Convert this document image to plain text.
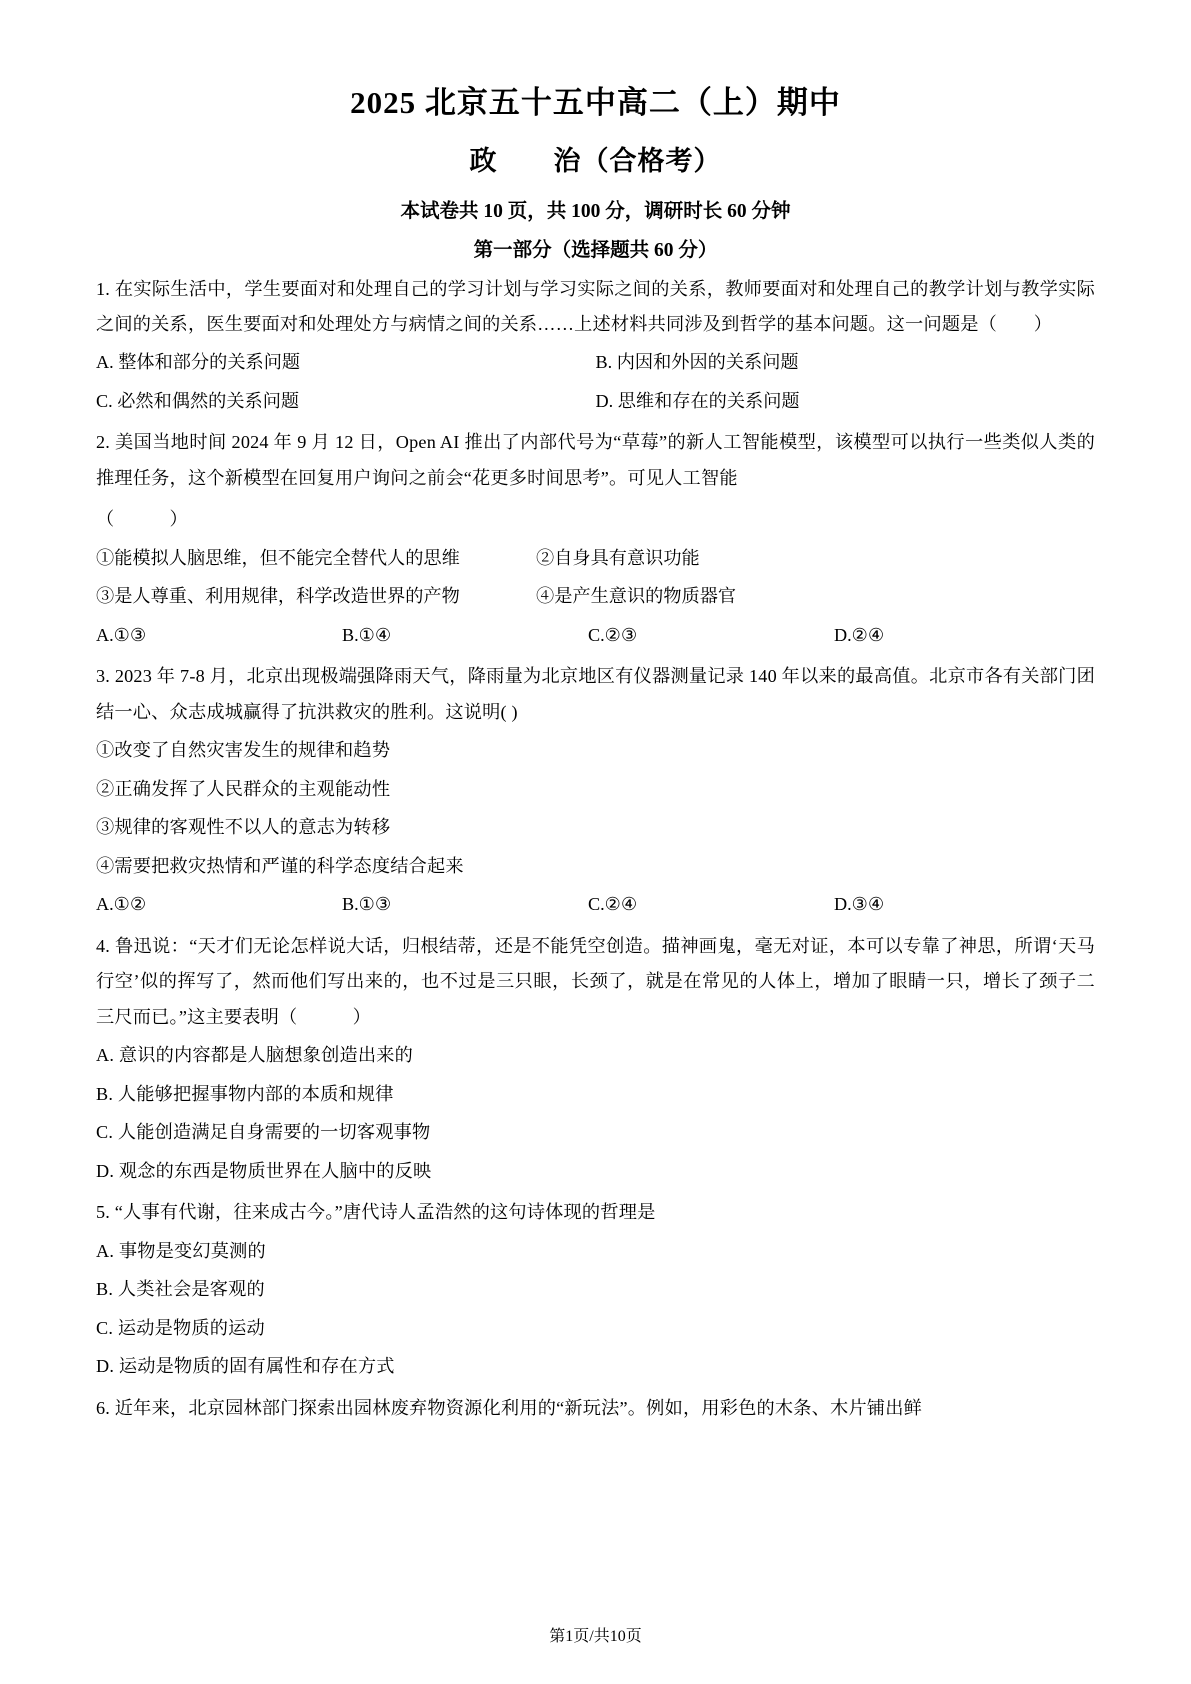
2025 北京五十五中高二（上）期中
政　　治（合格考）
本试卷共 10 页，共 100 分，调研时长 60 分钟
第一部分（选择题共 60 分）
1. 在实际生活中，学生要面对和处理自己的学习计划与学习实际之间的关系，教师要面对和处理自己的教学计划与教学实际之间的关系，医生要面对和处理处方与病情之间的关系……上述材料共同涉及到哲学的基本问题。这一问题是（　　）
A. 整体和部分的关系问题	B. 内因和外因的关系问题
C. 必然和偶然的关系问题	D. 思维和存在的关系问题
2. 美国当地时间 2024 年 9 月 12 日，Open AI 推出了内部代号为“草莓”的新人工智能模型，该模型可以执行一些类似人类的推理任务，这个新模型在回复用户询问之前会“花更多时间思考”。可见人工智能
（　　　）
①能模拟人脑思维，但不能完全替代人的思维	②自身具有意识功能
③是人尊重、利用规律，科学改造世界的产物	④是产生意识的物质器官
A.①③	B.①④	C.②③	D.②④
3. 2023 年 7-8 月，北京出现极端强降雨天气，降雨量为北京地区有仪器测量记录 140 年以来的最高值。北京市各有关部门团结一心、众志成城赢得了抗洪救灾的胜利。这说明( )
①改变了自然灾害发生的规律和趋势
②正确发挥了人民群众的主观能动性
③规律的客观性不以人的意志为转移
④需要把救灾热情和严谨的科学态度结合起来
A.①②	B.①③	C.②④	D.③④
4. 鲁迅说：“天才们无论怎样说大话，归根结蒂，还是不能凭空创造。描神画鬼，毫无对证，本可以专靠了神思，所谓‘天马行空’似的挥写了，然而他们写出来的，也不过是三只眼，长颈了，就是在常见的人体上，增加了眼睛一只，增长了颈子二三尺而已。”这主要表明（　　　）
A. 意识的内容都是人脑想象创造出来的
B. 人能够把握事物内部的本质和规律
C. 人能创造满足自身需要的一切客观事物
D. 观念的东西是物质世界在人脑中的反映
5. “人事有代谢，往来成古今。”唐代诗人孟浩然的这句诗体现的哲理是
A. 事物是变幻莫测的
B. 人类社会是客观的
C. 运动是物质的运动
D. 运动是物质的固有属性和存在方式
6. 近年来，北京园林部门探索出园林废弃物资源化利用的“新玩法”。例如，用彩色的木条、木片铺出鲜
第1页/共10页
